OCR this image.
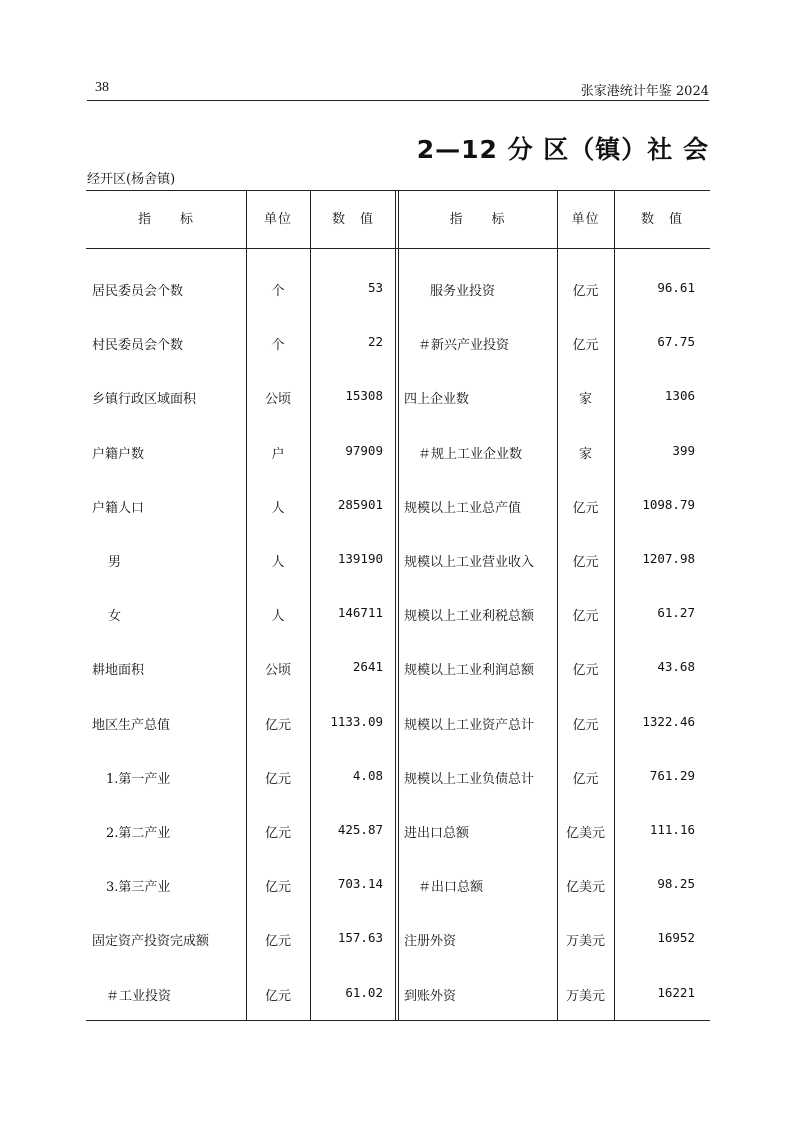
38	张家港统计年鉴 2024
2—12 分 区（镇）社 会
经开区(杨舍镇)
指　　标	单位	数　值	指　　标	单位	数　值
居民委员会个数	个	53	服务业投资	亿元	96.61
村民委员会个数	个	22	＃新兴产业投资	亿元	67.75
乡镇行政区域面积	公顷	15308 四上企业数	家	1306
户籍户数	户	97909	＃规上工业企业数	家	399
户籍人口	人	285901 规模以上工业总产值	亿元	1098.79
男	人	139190 规模以上工业营业收入	亿元	1207.98
女	人	146711 规模以上工业利税总额	亿元	61.27
耕地面积	公顷	2641 规模以上工业利润总额	亿元	43.68
地区生产总值	亿元	1133.09 规模以上工业资产总计	亿元	1322.46
1.第一产业	亿元	4.08 规模以上工业负债总计	亿元	761.29
2.第二产业	亿元	425.87 进出口总额	亿美元	111.16
3.第三产业	亿元	703.14	＃出口总额	亿美元	98.25
固定资产投资完成额	亿元	157.63 注册外资	万美元	16952
＃工业投资	亿元	61.02 到账外资	万美元	16221
